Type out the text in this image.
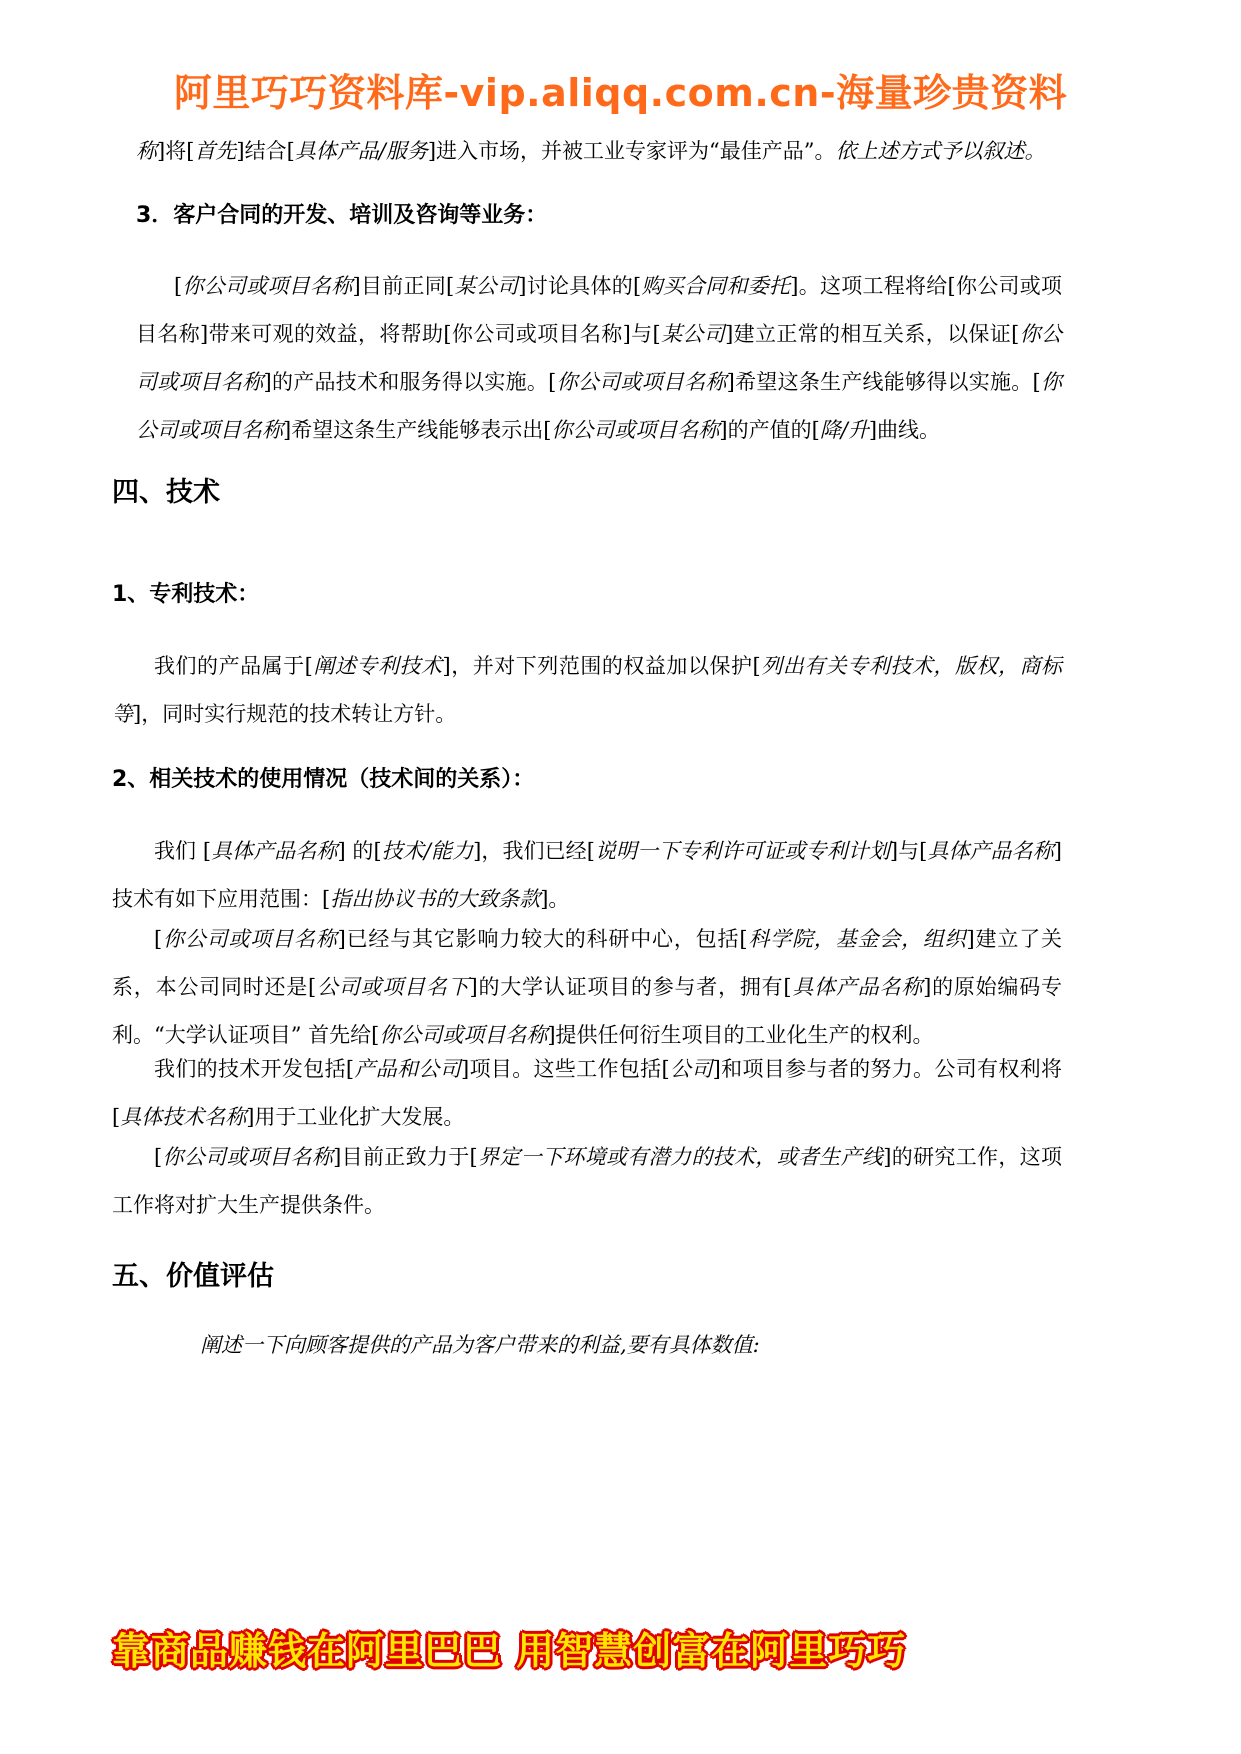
阿里巧巧资料库-vip.aliqq.com.cn-海量珍贵资料
称]将[首先]结合[具体产品/服务]进入市场，并被工业专家评为“最佳产品”。依上述方式予以叙述。
3．客户合同的开发、培训及咨询等业务：
[你公司或项目名称]目前正同[某公司]讨论具体的[购买合同和委托]。这项工程将给[你公司或项目名称]带来可观的效益，将帮助[你公司或项目名称]与[某公司]建立正常的相互关系，以保证[你公司或项目名称]的产品技术和服务得以实施。[你公司或项目名称]希望这条生产线能够得以实施。[你公司或项目名称]希望这条生产线能够表示出[你公司或项目名称]的产值的[降/升]曲线。
四、技术
1、专利技术：
我们的产品属于[阐述专利技术]，并对下列范围的权益加以保护[列出有关专利技术，版权，商标等]，同时实行规范的技术转让方针。
2、相关技术的使用情况（技术间的关系）：
我们 [具体产品名称] 的[技术/能力]，我们已经[说明一下专利许可证或专利计划]与[具体产品名称]技术有如下应用范围：[指出协议书的大致条款]。
[你公司或项目名称]已经与其它影响力较大的科研中心，包括[科学院，基金会，组织]建立了关系，本公司同时还是[公司或项目名下]的大学认证项目的参与者，拥有[具体产品名称]的原始编码专利。“大学认证项目” 首先给[你公司或项目名称]提供任何衍生项目的工业化生产的权利。
我们的技术开发包括[产品和公司]项目。这些工作包括[公司]和项目参与者的努力。公司有权利将[具体技术名称]用于工业化扩大发展。
[你公司或项目名称]目前正致力于[界定一下环境或有潜力的技术，或者生产线]的研究工作，这项工作将对扩大生产提供条件。
五、价值评估
阐述一下向顾客提供的产品为客户带来的利益,要有具体数值:
靠商品赚钱在阿里巴巴 用智慧创富在阿里巧巧
